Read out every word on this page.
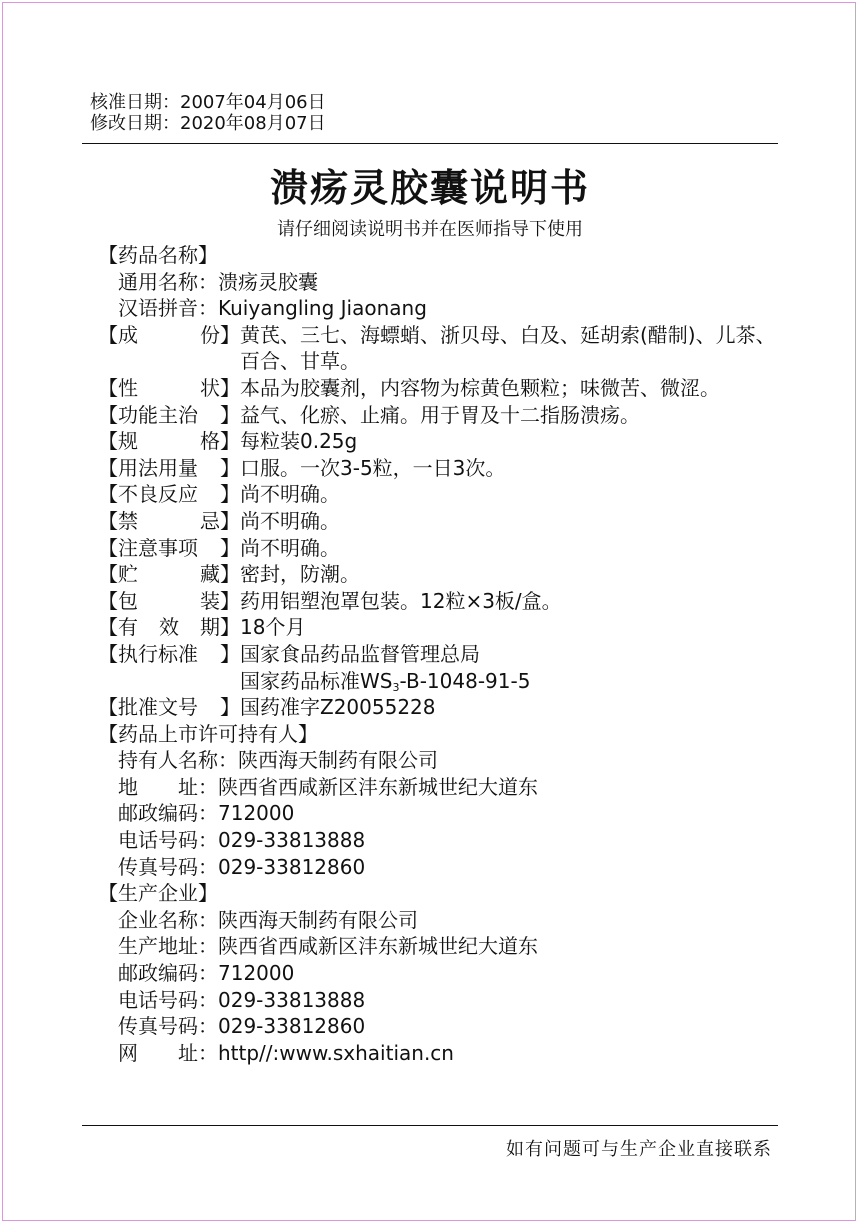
核准日期：2007年04月06日
修改日期：2020年08月07日
溃疡灵胶囊说明书
请仔细阅读说明书并在医师指导下使用
【 药品名称 】
通用名称： 溃疡灵胶囊
汉语拼音： Kuiyangling Jiaonang
【 成	份 】 黄芪、三七、海螵蛸、浙贝母、白及、延胡索(醋制)、儿茶、百合、甘草。
【 性	状 】 本品为胶囊剂，内容物为棕黄色颗粒；味微苦、微涩。
【 功能主治	】 益气、化瘀、止痛。用于胃及十二指肠溃疡。
【 规	格 】 每粒装0.25g
【 用法用量	】 口服。一次3-5粒，一日3次。
【 不良反应	】 尚不明确。
【 禁	忌 】 尚不明确。
【 注意事项	】 尚不明确。
【 贮	藏 】 密封，防潮。
【 包	装 】 药用铝塑泡罩包装。12粒×3板/盒。
【 有 效 期 】 18个月
【 执行标准	】 国家食品药品监督管理总局
国家药品标准$WS_3-B-1048-91-5$
【 批准文号	】 国药准字Z20055228
【 药品上市许可持有人 】
持有人名称： 陕西海天制药有限公司
地	址： 陕西省西咸新区沣东新城世纪大道东
邮政编码： 712000
电话号码： 029-33813888
传真号码： 029-33812860
【 生产企业 】
企业名称： 陕西海天制药有限公司
生产地址： 陕西省西咸新区沣东新城世纪大道东
邮政编码： 712000
电话号码： 029-33813888
传真号码： 029-33812860
网	址： http//:www.sxhaitian.cn
如有问题可与生产企业直接联系
